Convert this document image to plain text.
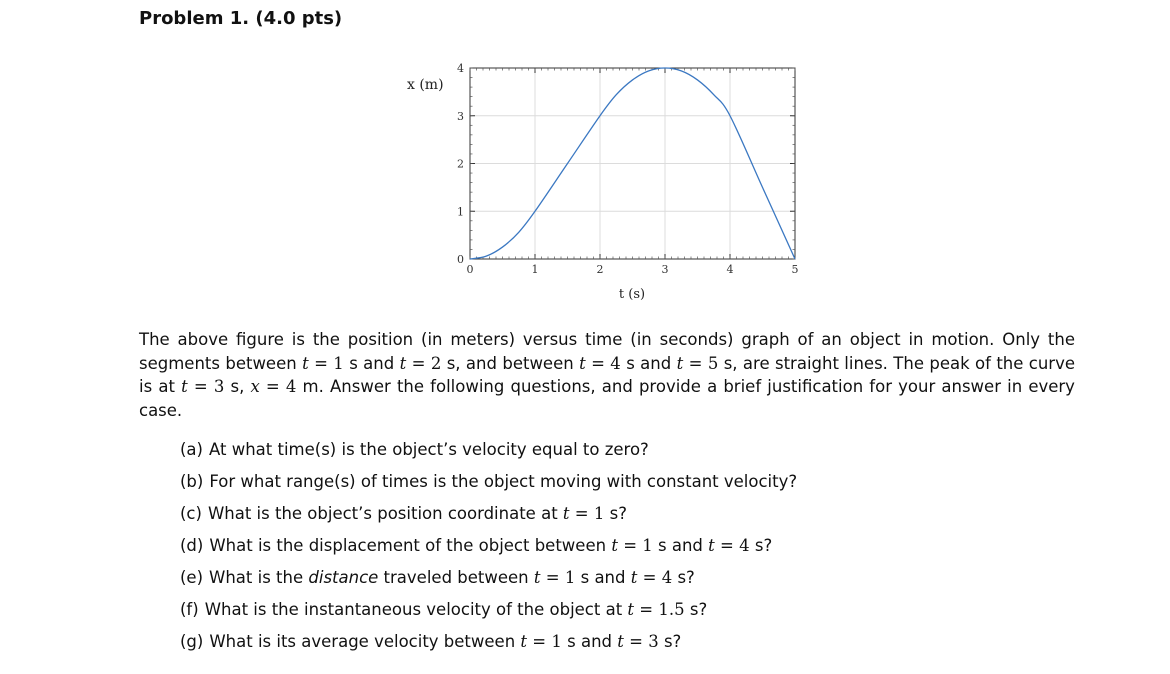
Problem 1. (4.0 pts)
0	1	2	3	4	5
0
1
2
3
4
x (m)
t (s)

The above figure is the position (in meters) versus time (in seconds) graph of an object in motion. Only the segments between t = 1 s and t = 2 s, and between t = 4 s and t = 5 s, are straight lines. The peak of the curve is at t = 3 s, x = 4 m. Answer the following questions, and provide a brief justification for your answer in every case.

(a) At what time(s) is the object’s velocity equal to zero?
(b) For what range(s) of times is the object moving with constant velocity?
(c) What is the object’s position coordinate at t = 1 s?
(d) What is the displacement of the object between t = 1 s and t = 4 s?
(e) What is the distance traveled between t = 1 s and t = 4 s?
(f) What is the instantaneous velocity of the object at t = 1.5 s?
(g) What is its average velocity between t = 1 s and t = 3 s?
